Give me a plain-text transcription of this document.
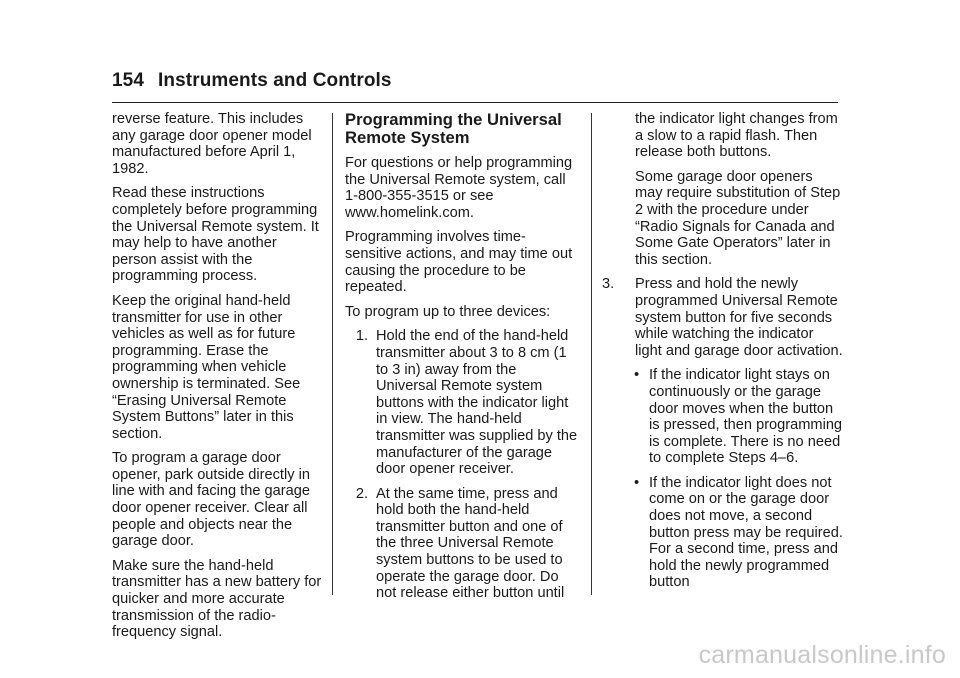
154 Instruments and Controls

reverse feature. This includes any garage door opener model manufactured before April 1, 1982.

Read these instructions completely before programming the Universal Remote system. It may help to have another person assist with the programming process.

Keep the original hand-held transmitter for use in other vehicles as well as for future programming. Erase the programming when vehicle ownership is terminated. See “Erasing Universal Remote System Buttons” later in this section.

To program a garage door opener, park outside directly in line with and facing the garage door opener receiver. Clear all people and objects near the garage door.

Make sure the hand-held transmitter has a new battery for quicker and more accurate transmission of the radio-frequency signal.

Programming the Universal Remote System

For questions or help programming the Universal Remote system, call 1-800-355-3515 or see www.homelink.com.

Programming involves time-sensitive actions, and may time out causing the procedure to be repeated.

To program up to three devices:

1. Hold the end of the hand-held transmitter about 3 to 8 cm (1 to 3 in) away from the Universal Remote system buttons with the indicator light in view. The hand-held transmitter was supplied by the manufacturer of the garage door opener receiver.
2. At the same time, press and hold both the hand-held transmitter button and one of the three Universal Remote system buttons to be used to operate the garage door. Do not release either button until

the indicator light changes from a slow to a rapid flash. Then release both buttons.

Some garage door openers may require substitution of Step 2 with the procedure under “Radio Signals for Canada and Some Gate Operators” later in this section.

3. Press and hold the newly programmed Universal Remote system button for five seconds while watching the indicator light and garage door activation.
• If the indicator light stays on continuously or the garage door moves when the button is pressed, then programming is complete. There is no need to complete Steps 4–6.
• If the indicator light does not come on or the garage door does not move, a second button press may be required. For a second time, press and hold the newly programmed button
carmanualsonline.info
